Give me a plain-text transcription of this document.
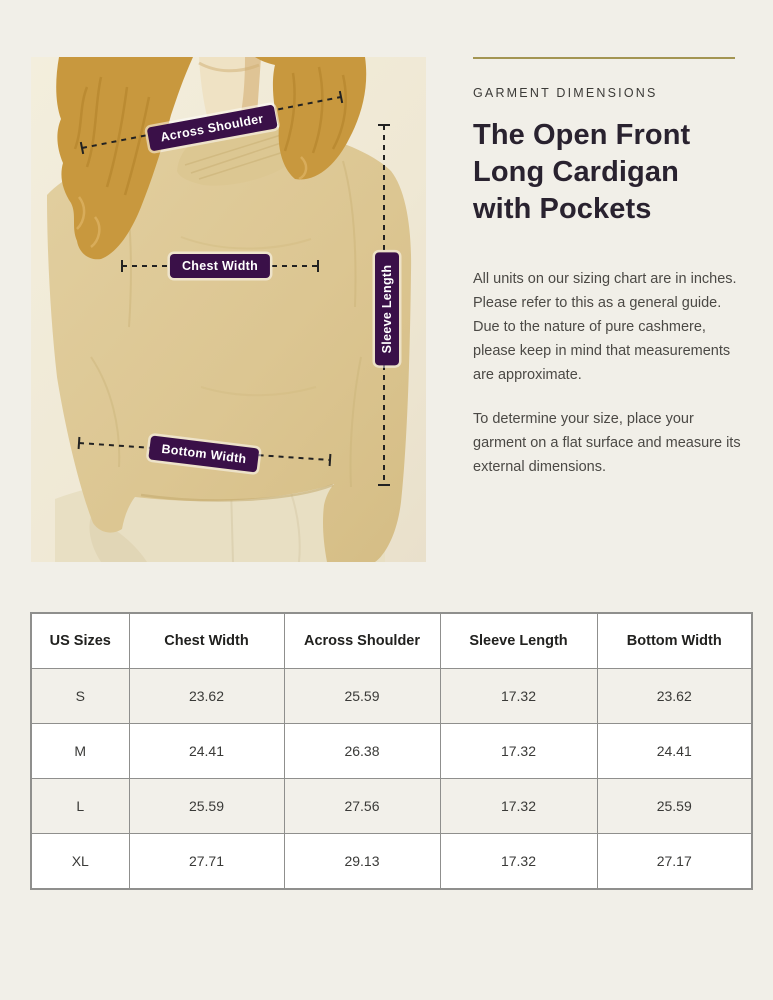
Across Shoulder
Chest Width	Sleeve Length
Bottom Width
GARMENT DIMENSIONS
The Open Front
Long Cardigan
with Pockets

All units on our sizing chart are in inches. Please refer to this as a general guide. Due to the nature of pure cashmere, please keep in mind that measurements are approximate.

To determine your size, place your garment on a flat surface and measure its external dimensions.

US Sizes	Chest Width	Across Shoulder	Sleeve Length	Bottom Width
S	23.62	25.59	17.32	23.62
M	24.41	26.38	17.32	24.41
L	25.59	27.56	17.32	25.59
XL	27.71	29.13	17.32	27.17
